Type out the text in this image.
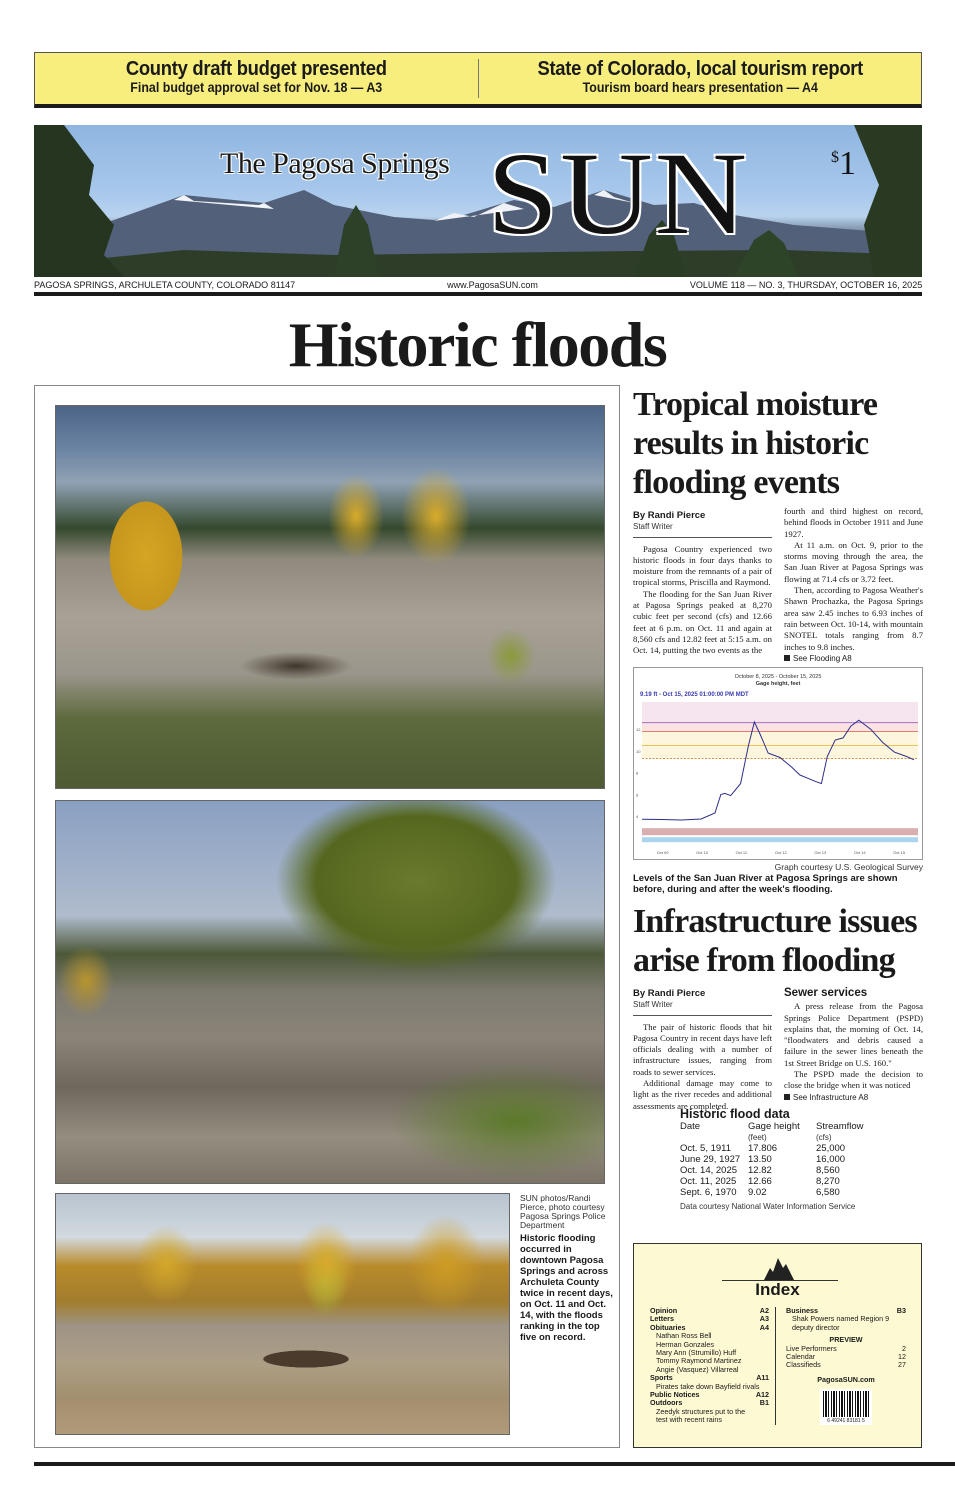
County draft budget presented
Final budget approval set for Nov. 18 — A3
State of Colorado, local tourism report
Tourism board hears presentation — A4
The Pagosa Springs SUN	$1
PAGOSA SPRINGS, ARCHULETA COUNTY, COLORADO 81147	www.PagosaSUN.com	VOLUME 118 — NO. 3, THURSDAY, OCTOBER 16, 2025
Historic floods
SUN photos/Randi Pierce, photo courtesy Pagosa Springs Police Department
Historic flooding occurred in downtown Pagosa Springs and across Archuleta County twice in recent days, on Oct. 11 and Oct. 14, with the floods ranking in the top five on record.
Tropical moisture results in historic flooding events
By Randi Pierce
Staff Writer

Pagosa Country experienced two historic floods in four days thanks to moisture from the remnants of a pair of tropical storms, Priscilla and Raymond.

The flooding for the San Juan River at Pagosa Springs peaked at 8,270 cubic feet per second (cfs) and 12.66 feet at 6 p.m. on Oct. 11 and again at 8,560 cfs and 12.82 feet at 5:15 a.m. on Oct. 14, putting the two events as the

fourth and third highest on record, behind floods in October 1911 and June 1927.

At 11 a.m. on Oct. 9, prior to the storms moving through the area, the San Juan River at Pagosa Springs was flowing at 71.4 cfs or 3.72 feet.

Then, according to Pagosa Weather's Shawn Prochazka, the Pagosa Springs area saw 2.45 inches to 6.93 inches of rain between Oct. 10-14, with mountain SNOTEL totals ranging from 8.7 inches to 9.8 inches.

See Flooding A8

4
6
8
10
12
Oct 09	Oct 10	Oct 11	Oct 12	Oct 13	Oct 14	Oct 15
October 8, 2025 - October 15, 2025
Gage height, feet
9.19 ft - Oct 15, 2025 01:00:00 PM MDT
Graph courtesy U.S. Geological Survey
Levels of the San Juan River at Pagosa Springs are shown before, during and after the week's flooding.
Infrastructure issues arise from flooding
By Randi Pierce
Staff Writer

The pair of historic floods that hit Pagosa Country in recent days have left officials dealing with a number of infrastructure issues, ranging from roads to sewer services.

Additional damage may come to light as the river recedes and additional assessments are completed.

Sewer services

A press release from the Pagosa Springs Police Department (PSPD) explains that, the morning of Oct. 14, "floodwaters and debris caused a failure in the sewer lines beneath the 1st Street Bridge on U.S. 160."

The PSPD made the decision to close the bridge when it was noticed

See Infrastructure A8

Historic flood data
Date	Gage height	Streamflow
(feet)	(cfs)
Oct. 5, 1911	17.806	25,000
June 29, 1927 13.50	16,000
Oct. 14, 2025	12.82	8,560
Oct. 11, 2025	12.66	8,270
Sept. 6, 1970	9.02	6,580
Data courtesy National Water Information Service
Index
Opinion	A2
Letters	A3
Obituaries	A4
Nathan Ross Bell
Herman Gonzales
Mary Ann (Strumillo) Huff
Tommy Raymond Martinez
Angie (Vasquez) Villarreal
Sports	A11
Pirates take down Bayfield rivals
Public Notices	A12
Outdoors	B1
Zeedyk structures put to the
test with recent rains
Business	B3
Shak Powers named Region 9
deputy director
PREVIEW
Live Performers	2
Calendar	12
Classifieds	27
PagosaSUN.com
6 49241 83181 5
